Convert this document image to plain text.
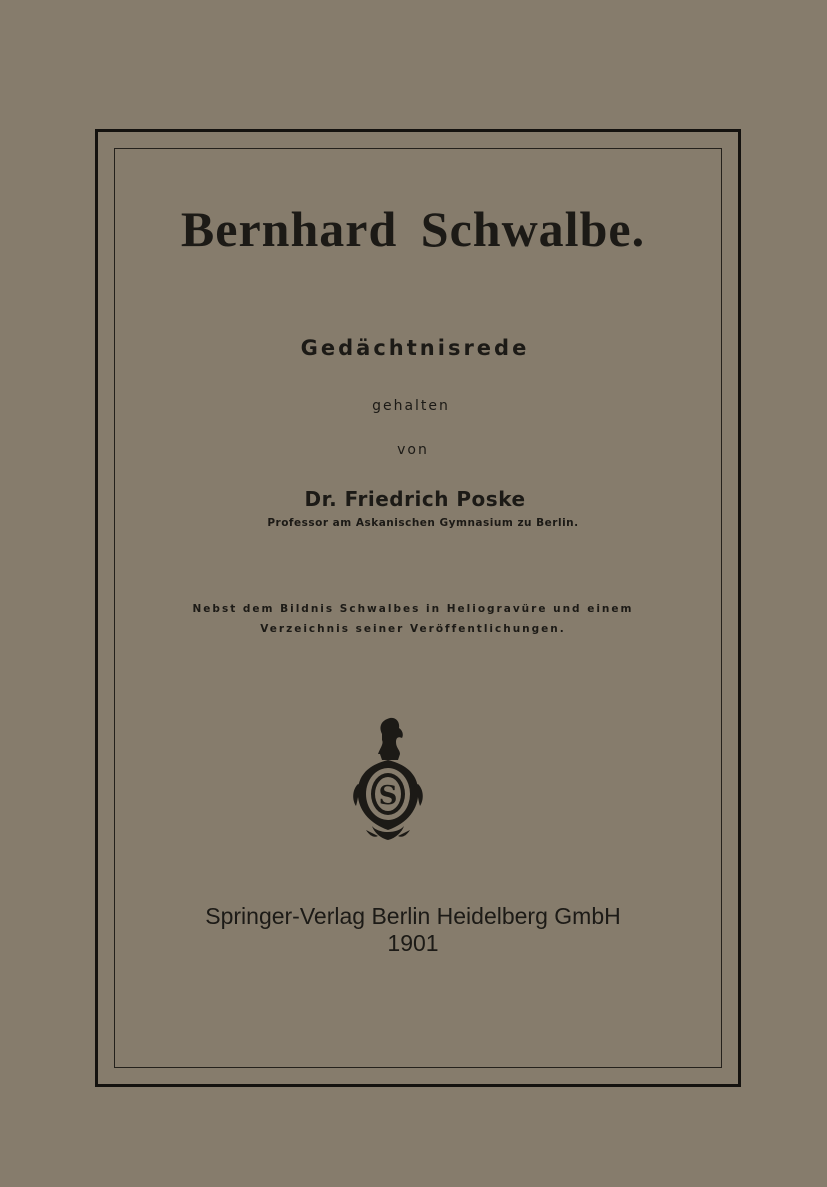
Bernhard Schwalbe.
Gedächtnisrede
gehalten
von
Dr. Friedrich Poske
Professor am Askanischen Gymnasium zu Berlin.
Nebst dem Bildnis Schwalbes in Heliogravüre und einem
Verzeichnis seiner Veröffentlichungen.
S
Springer-Verlag Berlin Heidelberg GmbH
1901
